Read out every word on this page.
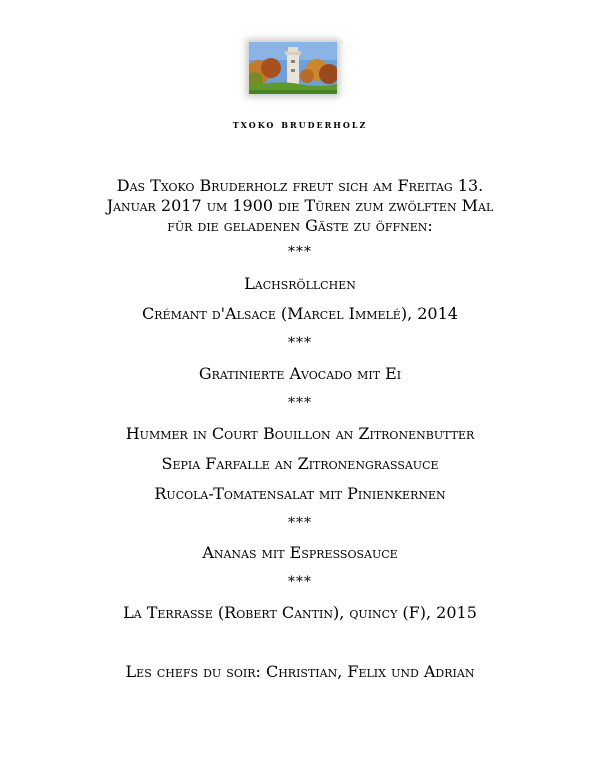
txoko bruderholz
Das Txoko Bruderholz freut sich am Freitag 13.
Januar 2017 um 1900 die Türen zum zwölften Mal
für die geladenen Gäste zu öffnen:
***
Lachsröllchen
Crémant d'Alsace (Marcel Immelé), 2014
***
Gratinierte Avocado mit Ei
***
Hummer in Court Bouillon an Zitronenbutter
Sepia Farfalle an Zitronengrassauce
Rucola-Tomatensalat mit Pinienkernen
***
Ananas mit Espressosauce
***
La Terrasse (Robert Cantin), quincy (F), 2015
Les chefs du soir: Christian, Felix und Adrian
